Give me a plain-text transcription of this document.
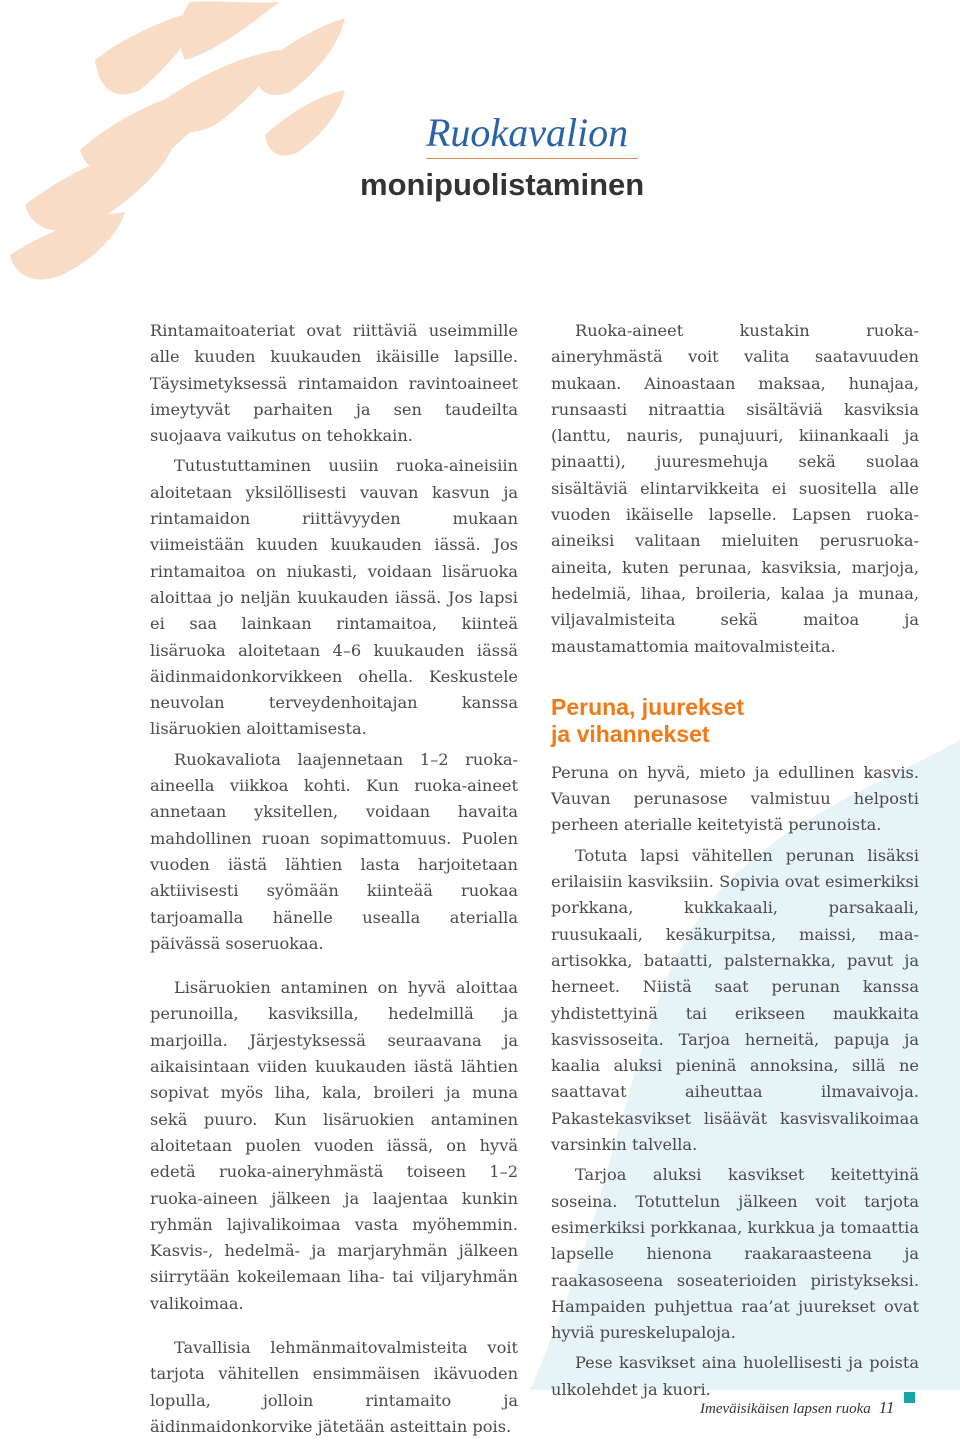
Ruokavalion
monipuolistaminen

Rintamaitoateriat ovat riittäviä useimmille alle kuuden kuukauden ikäisille lapsille. Täysimetyksessä rintamaidon ravintoaineet imeytyvät parhaiten ja sen taudeilta suojaava vaikutus on tehokkain.

Tutustuttaminen uusiin ruoka-aineisiin aloitetaan yksilöllisesti vauvan kasvun ja rintamaidon riittävyyden mukaan viimeistään kuuden kuukauden iässä. Jos rintamaitoa on niukasti, voidaan lisäruoka aloittaa jo neljän kuukauden iässä. Jos lapsi ei saa lainkaan rintamaitoa, kiinteä lisäruoka aloitetaan 4–6 kuukauden iässä äidinmaidonkorvikkeen ohella. Keskustele neuvolan terveydenhoitajan kanssa lisäruokien aloittamisesta.

Ruokavaliota laajennetaan 1–2 ruoka-aineella viikkoa kohti. Kun ruoka-aineet annetaan yksitellen, voidaan havaita mahdollinen ruoan sopimattomuus. Puolen vuoden iästä lähtien lasta harjoitetaan aktiivisesti syömään kiinteää ruokaa tarjoamalla hänelle usealla aterialla päivässä soseruokaa.

Lisäruokien antaminen on hyvä aloittaa perunoilla, kasviksilla, hedelmillä ja marjoilla. Järjestyksessä seuraavana ja aikaisintaan viiden kuukauden iästä lähtien sopivat myös liha, kala, broileri ja muna sekä puuro. Kun lisäruokien antaminen aloitetaan puolen vuoden iässä, on hyvä edetä ruoka-aineryhmästä toiseen 1–2 ruoka-aineen jälkeen ja laajentaa kunkin ryhmän lajivalikoimaa vasta myöhemmin. Kasvis-, hedelmä- ja marjaryhmän jälkeen siirrytään kokeilemaan liha- tai viljaryhmän valikoimaa.

Tavallisia lehmänmaitovalmisteita voit tarjota vähitellen ensimmäisen ikävuoden lopulla, jolloin rintamaito ja äidinmaidonkorvike jätetään asteittain pois.

Ruoka-aineet kustakin ruoka-aineryhmästä voit valita saatavuuden mukaan. Ainoastaan maksaa, hunajaa, runsaasti nitraattia sisältäviä kasviksia (lanttu, nauris, punajuuri, kiinankaali ja pinaatti), juuresmehuja sekä suolaa sisältäviä elintarvikkeita ei suositella alle vuoden ikäiselle lapselle. Lapsen ruoka-aineiksi valitaan mieluiten perusruoka-aineita, kuten perunaa, kasviksia, marjoja, hedelmiä, lihaa, broileria, kalaa ja munaa, viljavalmisteita sekä maitoa ja maustamattomia maitovalmisteita.

Peruna, juurekset
ja vihannekset

Peruna on hyvä, mieto ja edullinen kasvis. Vauvan perunasose valmistuu helposti perheen aterialle keitetyistä perunoista.

Totuta lapsi vähitellen perunan lisäksi erilaisiin kasviksiin. Sopivia ovat esimerkiksi porkkana, kukkakaali, parsakaali, ruusukaali, kesäkurpitsa, maissi, maa-artisokka, bataatti, palsternakka, pavut ja herneet. Niistä saat perunan kanssa yhdistettyinä tai erikseen maukkaita kasvissoseita. Tarjoa herneitä, papuja ja kaalia aluksi pieninä annoksina, sillä ne saattavat aiheuttaa ilmavaivoja. Pakastekasvikset lisäävät kasvisvalikoimaa varsinkin talvella.

Tarjoa aluksi kasvikset keitettyinä soseina. Totuttelun jälkeen voit tarjota esimerkiksi porkkanaa, kurkkua ja tomaattia lapselle hienona raakaraasteena ja raakasoseena soseaterioiden piristykseksi. Hampaiden puhjettua raa’at juurekset ovat hyviä pureskelupaloja.

Pese kasvikset aina huolellisesti ja poista ulkolehdet ja kuori.

Imeväisikäisen lapsen ruoka 11
